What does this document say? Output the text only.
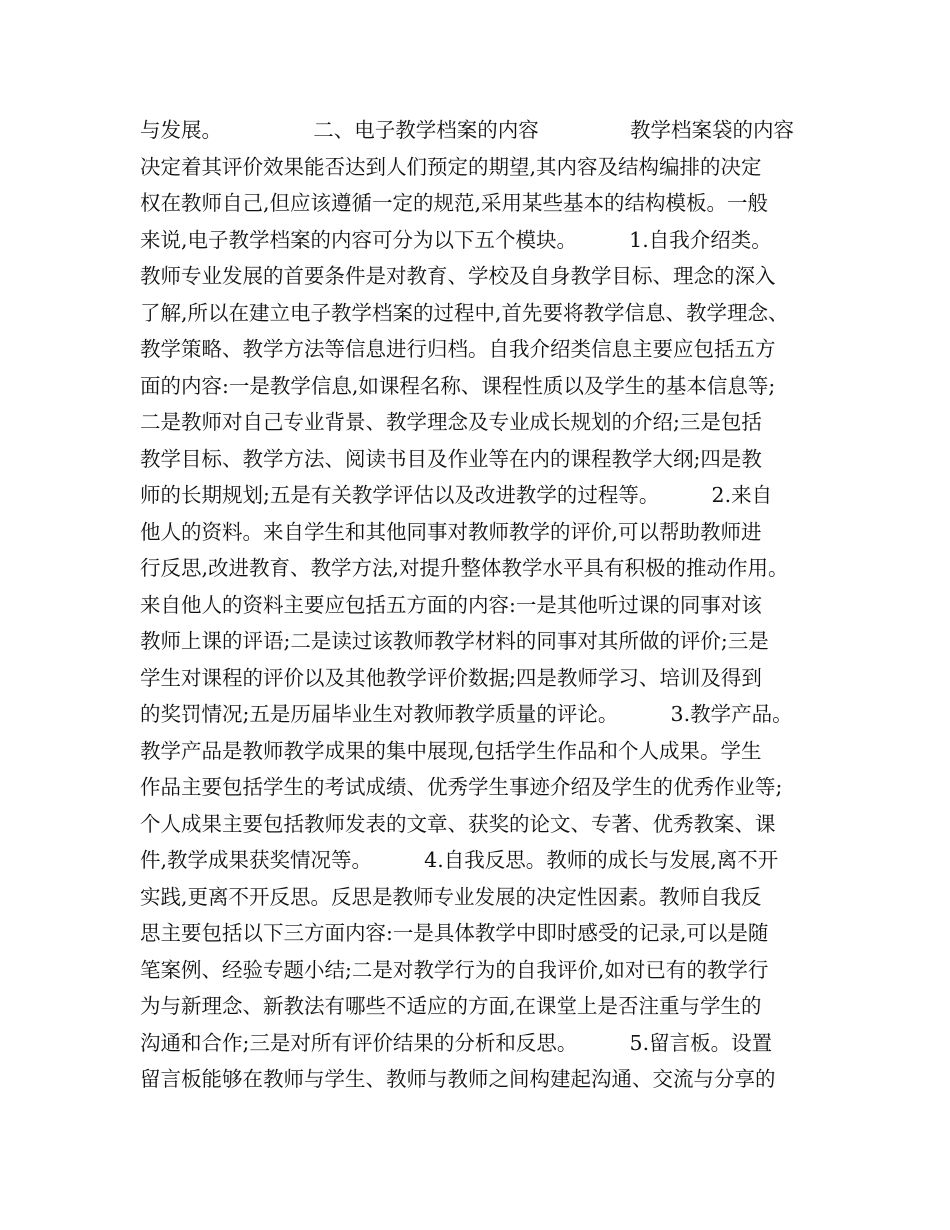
与发展。              二、电子教学档案的内容              教学档案袋的内容
决定着其评价效果能否达到人们预定的期望,其内容及结构编排的决定
权在教师自己,但应该遵循一定的规范,采用某些基本的结构模板。一般
来说,电子教学档案的内容可分为以下五个模块。        1.自我介绍类。
教师专业发展的首要条件是对教育、学校及自身教学目标、理念的深入
了解,所以在建立电子教学档案的过程中,首先要将教学信息、教学理念、
教学策略、教学方法等信息进行归档。自我介绍类信息主要应包括五方
面的内容:一是教学信息,如课程名称、课程性质以及学生的基本信息等;
二是教师对自己专业背景、教学理念及专业成长规划的介绍;三是包括
教学目标、教学方法、阅读书目及作业等在内的课程教学大纲;四是教
师的长期规划;五是有关教学评估以及改进教学的过程等。        2.来自
他人的资料。来自学生和其他同事对教师教学的评价,可以帮助教师进
行反思,改进教育、教学方法,对提升整体教学水平具有积极的推动作用。
来自他人的资料主要应包括五方面的内容:一是其他听过课的同事对该
教师上课的评语;二是读过该教师教学材料的同事对其所做的评价;三是
学生对课程的评价以及其他教学评价数据;四是教师学习、培训及得到
的奖罚情况;五是历届毕业生对教师教学质量的评论。        3.教学产品。
教学产品是教师教学成果的集中展现,包括学生作品和个人成果。学生
作品主要包括学生的考试成绩、优秀学生事迹介绍及学生的优秀作业等;
个人成果主要包括教师发表的文章、获奖的论文、专著、优秀教案、课
件,教学成果获奖情况等。        4.自我反思。教师的成长与发展,离不开
实践,更离不开反思。反思是教师专业发展的决定性因素。教师自我反
思主要包括以下三方面内容:一是具体教学中即时感受的记录,可以是随
笔案例、经验专题小结;二是对教学行为的自我评价,如对已有的教学行
为与新理念、新教法有哪些不适应的方面,在课堂上是否注重与学生的
沟通和合作;三是对所有评价结果的分析和反思。        5.留言板。设置
留言板能够在教师与学生、教师与教师之间构建起沟通、交流与分享的
